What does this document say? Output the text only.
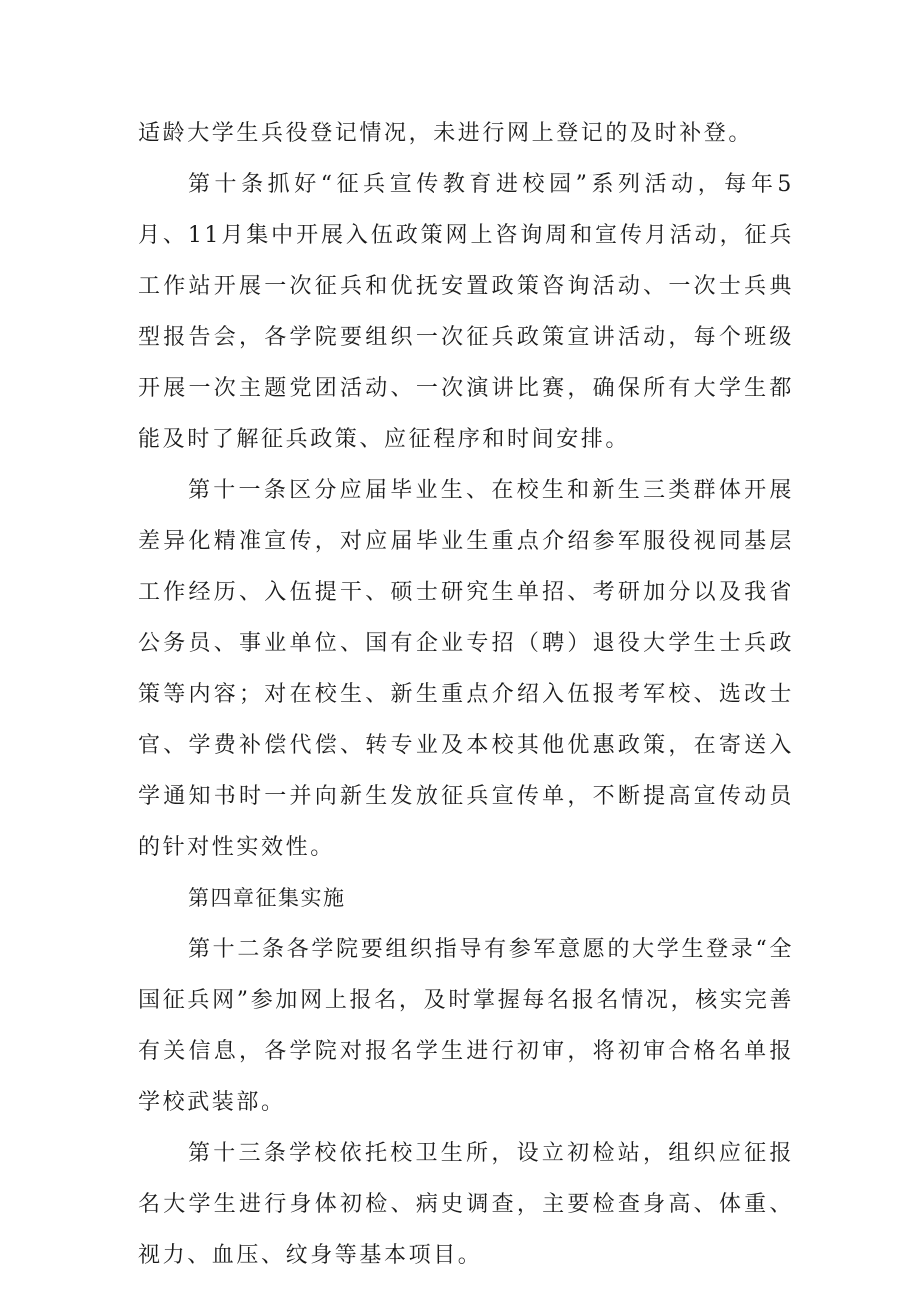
适龄大学生兵役登记情况，未进行网上登记的及时补登。

第十条抓好“征兵宣传教育进校园”系列活动，每年5月、11月集中开展入伍政策网上咨询周和宣传月活动，征兵工作站开展一次征兵和优抚安置政策咨询活动、一次士兵典型报告会，各学院要组织一次征兵政策宣讲活动，每个班级开展一次主题党团活动、一次演讲比赛，确保所有大学生都能及时了解征兵政策、应征程序和时间安排。

第十一条区分应届毕业生、在校生和新生三类群体开展差异化精准宣传，对应届毕业生重点介绍参军服役视同基层工作经历、入伍提干、硕士研究生单招、考研加分以及我省公务员、事业单位、国有企业专招（聘）退役大学生士兵政策等内容；对在校生、新生重点介绍入伍报考军校、选改士官、学费补偿代偿、转专业及本校其他优惠政策，在寄送入学通知书时一并向新生发放征兵宣传单，不断提高宣传动员的针对性实效性。

第四章征集实施

第十二条各学院要组织指导有参军意愿的大学生登录“全国征兵网”参加网上报名，及时掌握每名报名情况，核实完善有关信息，各学院对报名学生进行初审，将初审合格名单报学校武装部。

第十三条学校依托校卫生所，设立初检站，组织应征报名大学生进行身体初检、病史调查，主要检查身高、体重、视力、血压、纹身等基本项目。
